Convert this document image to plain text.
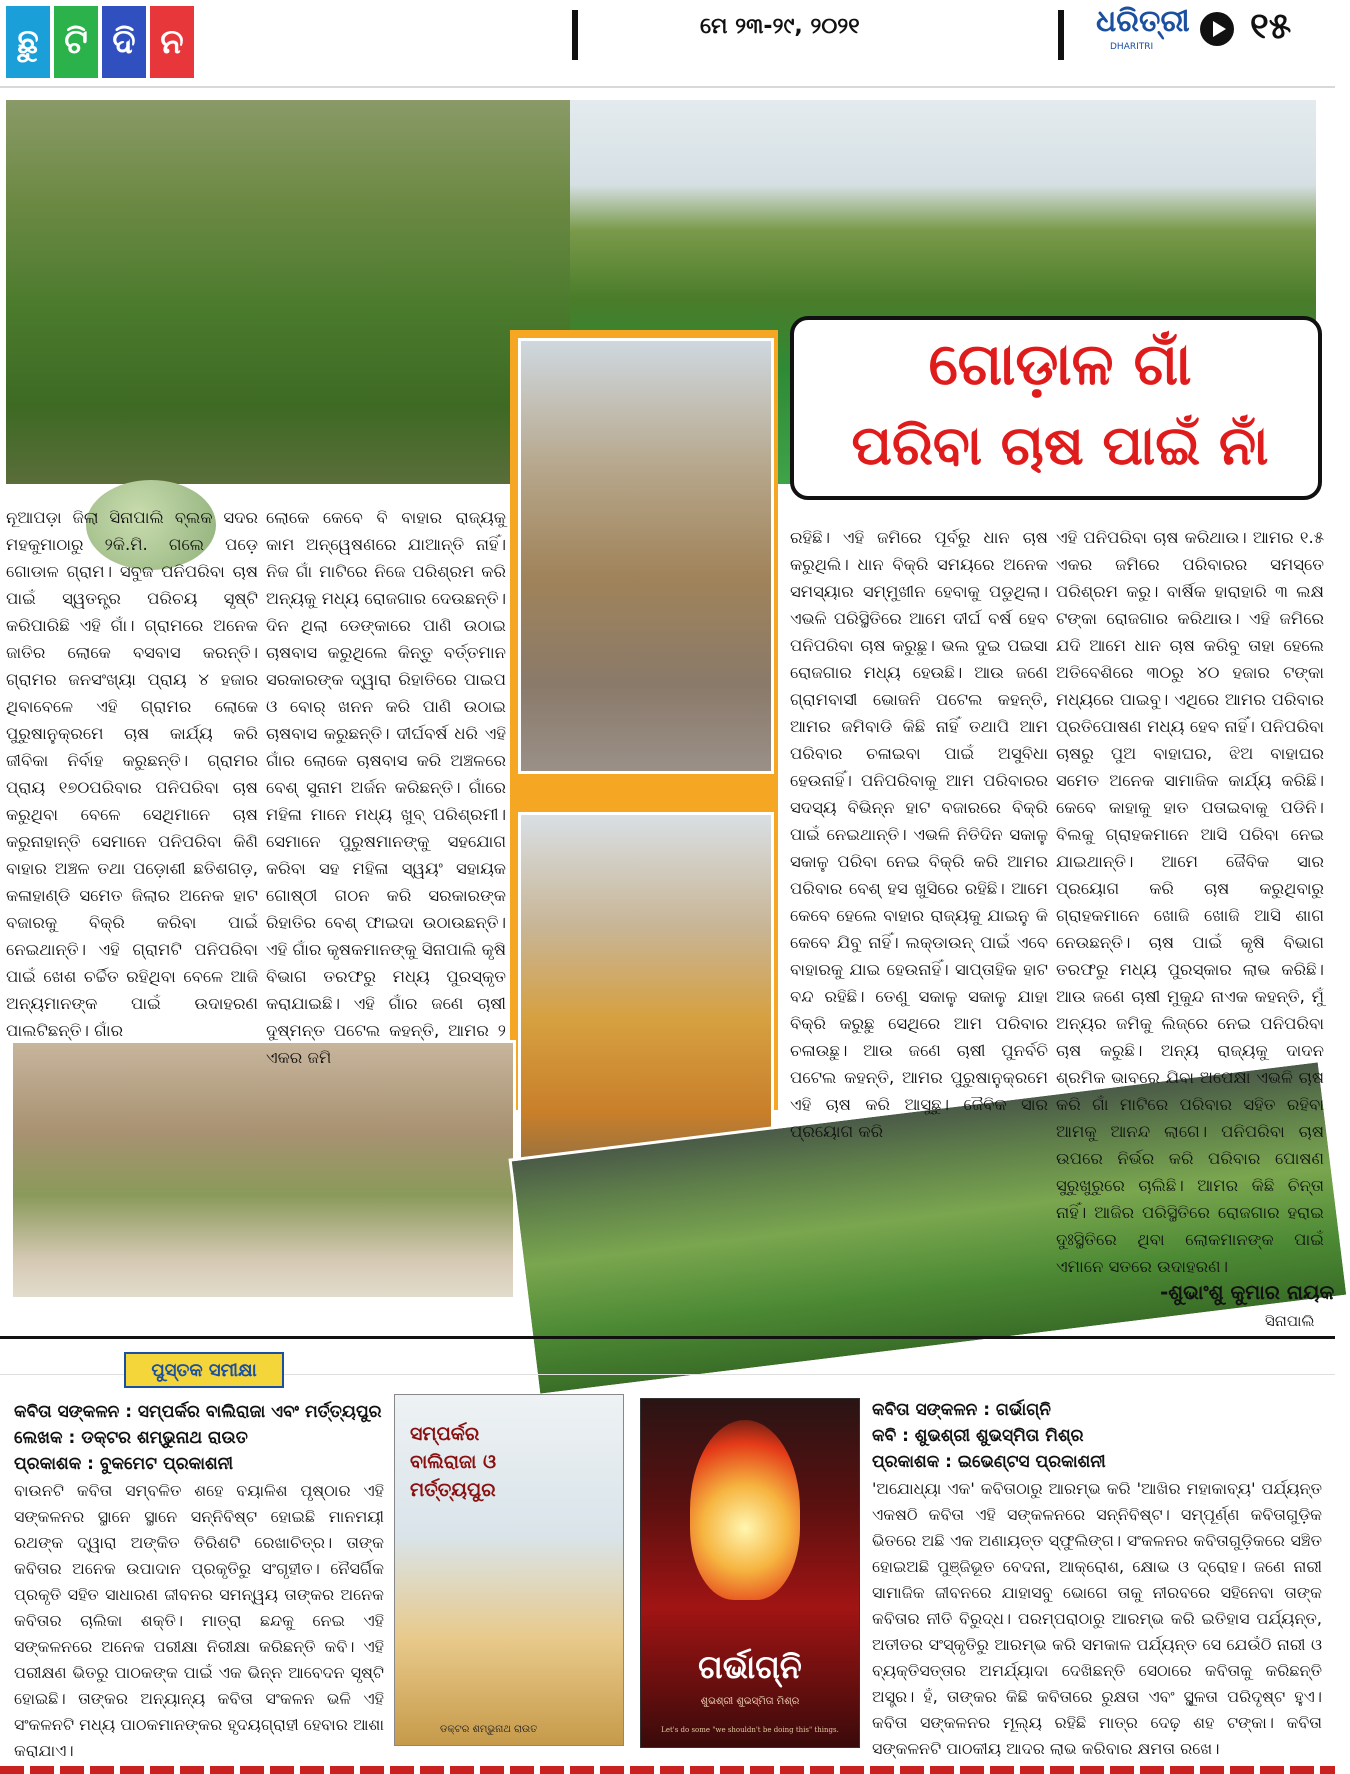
ଛୁ ଟି ଦି ନ	ମେ ୨୩-୨୯, ୨୦୨୧	ଧରିତ୍ରୀ
DHARITRI	୧୫
ଗୋଡ଼ାଳ ଗାଁ
ପରିବା ଚାଷ ପାଇଁ ନାଁ

ନୂଆପଡ଼ା ଜିଲା ସିନାପାଲି ବ୍ଲକ ସଦର ମହକୁମାଠାରୁ ୨କି.ମି. ଗଲେ ପଡ଼େ ଗୋଡାଳ ଗ୍ରାମ। ସବୁଜ ପନିପରିବା ଚାଷ ପାଇଁ ସ୍ୱତନ୍ତ୍ର ପରିଚୟ ସୃଷ୍ଟି କରିପାରିଛି ଏହି ଗାଁ। ଗ୍ରାମରେ ଅନେକ ଜାତିର ଲୋକେ ବସବାସ କରନ୍ତି। ଗ୍ରାମର ଜନସଂଖ୍ୟା ପ୍ରାୟ ୪ ହଜାର ଥିବାବେଳେ ଏହି ଗ୍ରାମର ଲୋକେ ପୁରୁଷାନୁକ୍ରମେ ଚାଷ କାର୍ଯ୍ୟ କରି ଜୀବିକା ନିର୍ବାହ କରୁଛନ୍ତି। ଗ୍ରାମର ପ୍ରାୟ ୧୭୦ପରିବାର ପନିପରିବା ଚାଷ କରୁଥିବା ବେଳେ ସେଥିମାନେ ଚାଷ କରୁନାହାନ୍ତି ସେମାନେ ପନିପରିବା କିଣି ବାହାର ଅଞ୍ଚଳ ତଥା ପଡ଼ୋଶୀ ଛତିଶଗଡ଼, କଳାହାଣ୍ଡି ସମେତ ଜିଲାର ଅନେକ ହାଟ ବଜାରକୁ ବିକ୍ରି କରିବା ପାଇଁ ନେଇଥାନ୍ତି। ଏହି ଗ୍ରାମଟି ପନିପରିବା ପାଇଁ ଖେଶ ଚର୍ଚ୍ଚିତ ରହିଥିବା ବେଳେ ଆଜି ଅନ୍ୟମାନଙ୍କ ପାଇଁ ଉଦାହରଣ ପାଲଟିଛନ୍ତି। ଗାଁର

ଲୋକେ କେବେ ବି ବାହାର ରାଜ୍ୟକୁ କାମ ଅନ୍ୱେଷଣରେ ଯାଆନ୍ତି ନାହିଁ। ନିଜ ଗାଁ ମାଟିରେ ନିଜେ ପରିଶ୍ରମ କରି ଅନ୍ୟକୁ ମଧ୍ୟ ରୋଜଗାର ଦେଉଛନ୍ତି। ଦିନ ଥିଲା ଡେଙ୍କାରେ ପାଣି ଉଠାଇ ଚାଷବାସ କରୁଥିଲେ କିନ୍ତୁ ବର୍ତ୍ତମାନ ସରକାରଙ୍କ ଦ୍ୱାରା ରିହାତିରେ ପାଇପ ଓ ବୋର୍ ଖନନ କରି ପାଣି ଉଠାଇ ଚାଷବାସ କରୁଛନ୍ତି। ଦୀର୍ଘବର୍ଷ ଧରି ଏହି ଗାଁର ଲୋକେ ଚାଷବାସ କରି ଅଞ୍ଚଳରେ ବେଶ୍ ସୁନାମ ଅର୍ଜନ କରିଛନ୍ତି। ଗାଁରେ ମହିଳା ମାନେ ମଧ୍ୟ ଖୁବ୍ ପରିଶ୍ରମୀ। ସେମାନେ ପୁରୁଷମାନଙ୍କୁ ସହଯୋଗ କରିବା ସହ ମହିଳା ସ୍ୱୟଂ ସହାୟକ ଗୋଷ୍ଠୀ ଗଠନ କରି ସରକାରଙ୍କ ରିହାତିର ବେଶ୍ ଫାଇଦା ଉଠାଉଛନ୍ତି। ଏହି ଗାଁର କୃଷକମାନଙ୍କୁ ସିନାପାଲି କୃଷି ବିଭାଗ ତରଫରୁ ମଧ୍ୟ ପୁରସ୍କୃତ କରାଯାଇଛି। ଏହି ଗାଁର ଜଣେ ଚାଷୀ ଦୁଷ୍ମନ୍ତ ପଟେଲ କହନ୍ତି, ଆମର ୨ ଏକର ଜମି

ରହିଛି। ଏହି ଜମିରେ ପୂର୍ବରୁ ଧାନ ଚାଷ କରୁଥିଲି। ଧାନ ବିକ୍ରି ସମୟରେ ଅନେକ ସମସ୍ୟାର ସମ୍ମୁଖୀନ ହେବାକୁ ପଡୁଥିଲା। ଏଭଳି ପରିସ୍ଥିତିରେ ଆମେ ଦୀର୍ଘ ବର୍ଷ ହେବ ପନିପରିବା ଚାଷ କରୁଛୁ। ଭଲ ଦୁଇ ପଇସା ରୋଜଗାର ମଧ୍ୟ ହେଉଛି। ଆଉ ଜଣେ ଗ୍ରାମବାସୀ ଭୋଜନି ପଟେଲ କହନ୍ତି, ଆମର ଜମିବାଡି କିଛି ନାହିଁ ତଥାପି ଆମ ପରିବାର ଚଳାଇବା ପାଇଁ ଅସୁବିଧା ହେଉନାହିଁ। ପନିପରିବାକୁ ଆମ ପରିବାରର ସଦସ୍ୟ ବିଭିନ୍ନ ହାଟ ବଜାରରେ ବିକ୍ରି ପାଇଁ ନେଇଥାନ୍ତି। ଏଭଳି ନିତିଦିନ ସକାଳୁ ସକାଳୁ ପରିବା ନେଇ ବିକ୍ରି କରି ଆମର ପରିବାର ବେଶ୍ ହସ ଖୁସିରେ ରହିଛି। ଆମେ କେବେ ହେଲେ ବାହାର ରାଜ୍ୟକୁ ଯାଇନୁ କି କେବେ ଯିବୁ ନାହିଁ। ଲକ୍‌ଡାଉନ୍ ପାଇଁ ଏବେ ବାହାରକୁ ଯାଇ ହେଉନାହିଁ। ସାପ୍ତାହିକ ହାଟ ବନ୍ଦ ରହିଛି। ତେଣୁ ସକାଳୁ ସକାଳୁ ଯାହା ବିକ୍ରି କରୁଛୁ ସେଥିରେ ଆମ ପରିବାର ଚଳାଉଛୁ। ଆଉ ଜଣେ ଚାଷୀ ପୁନର୍ବଚି ପଟେଲ କହନ୍ତି, ଆମର ପୁରୁଷାନୁକ୍ରମେ ଏହି ଚାଷ କରି ଆସୁଛୁ। ଜୈବିକ ସାର ପ୍ରୟୋଗ କରି

ଏହି ପନିପରିବା ଚାଷ କରିଥାଉ। ଆମର ୧.୫ ଏକର ଜମିରେ ପରିବାରର ସମସ୍ତେ ପରିଶ୍ରମ କରୁ। ବାର୍ଷିକ ହାରାହାରି ୩ ଲକ୍ଷ ଟଙ୍କା ରୋଜଗାର କରିଥାଉ। ଏହି ଜମିରେ ଯଦି ଆମେ ଧାନ ଚାଷ କରିବୁ ତାହା ହେଲେ ଅତିବେଶିରେ ୩୦ରୁ ୪୦ ହଜାର ଟଙ୍କା ମଧ୍ୟରେ ପାଇବୁ। ଏଥିରେ ଆମର ପରିବାର ପ୍ରତିପୋଷଣ ମଧ୍ୟ ହେବ ନାହିଁ। ପନିପରିବା ଚାଷରୁ ପୁଅ ବାହାଘର, ଝିଅ ବାହାଘର ସମେତ ଅନେକ ସାମାଜିକ କାର୍ଯ୍ୟ କରିଛି। କେବେ କାହାକୁ ହାତ ପତାଇବାକୁ ପଡିନି। ବିଲକୁ ଗ୍ରାହକମାନେ ଆସି ପରିବା ନେଇ ଯାଇଥାନ୍ତି। ଆମେ ଜୈବିକ ସାର ପ୍ରୟୋଗ କରି ଚାଷ କରୁଥିବାରୁ ଗ୍ରାହକମାନେ ଖୋଜି ଖୋଜି ଆସି ଶାଗ ନେଉଛନ୍ତି। ଚାଷ ପାଇଁ କୃଷି ବିଭାଗ ତରଫରୁ ମଧ୍ୟ ପୁରସ୍କାର ଲାଭ କରିଛି। ଆଉ ଜଣେ ଚାଷୀ ମୁକୁନ୍ଦ ନାଏକ କହନ୍ତି, ମୁଁ ଅନ୍ୟର ଜମିକୁ ଲିଜ୍‌ରେ ନେଇ ପନିପରିବା ଚାଷ କରୁଛି। ଅନ୍ୟ ରାଜ୍ୟକୁ ଦାଦନ ଶ୍ରମିକ ଭାବରେ ଯିବା ଅପେକ୍ଷା ଏଭଳି ଚାଷ କରି ଗାଁ ମାଟିରେ ପରିବାର ସହିତ ରହିବା ଆମକୁ ଆନନ୍ଦ ଲାଗେ। ପନିପରିବା ଚାଷ ଉପରେ ନିର୍ଭର କରି ପରିବାର ପୋଷଣ ସୁରୁଖୁରୁରେ ଚାଲିଛି। ଆମର କିଛି ଚିନ୍ତା ନାହିଁ। ଆଜିର ପରିସ୍ଥିତିରେ ରୋଜଗାର ହରାଇ ଦୁଃସ୍ଥିତିରେ ଥିବା ଲୋକମାନଙ୍କ ପାଇଁ ଏମାନେ ସତରେ ଉଦାହରଣ।

-ଶୁଭାଂଶୁ କୁମାର ନାୟକ
ସିନାପାଲି
ପୁସ୍ତକ ସମୀକ୍ଷା
କବିତା ସଙ୍କଳନ : ସମ୍ପର୍କର ବାଲିରାଜା ଏବଂ ମର୍ତ୍ତ୍ୟପୁର
ଲେଖକ : ଡକ୍ଟର ଶମ୍ଭୁନାଥ ରାଉତ
ପ୍ରକାଶକ : ବୁକମେଟ ପ୍ରକାଶନୀ
ବାଉନଟି କବିତା ସମ୍ବଳିତ ଶହେ ବୟାଳିଶ ପୃଷ୍ଠାର ଏହି ସଙ୍କଳନର ସ୍ଥାନେ ସ୍ଥାନେ ସନ୍ନିବିଷ୍ଟ ହୋଇଛି ମାନମୟୀ ରଥଙ୍କ ଦ୍ୱାରା ଅଙ୍କିତ ତିରିଶଟି ରେଖାଚିତ୍ର। ତାଙ୍କ କବିତାର ଅନେକ ଉପାଦାନ ପ୍ରକୃତିରୁ ସଂଗୃହୀତ। ନୈସର୍ଗିକ ପ୍ରକୃତି ସହିତ ସାଧାରଣ ଜୀବନର ସମନ୍ୱୟ ତାଙ୍କର ଅନେକ କବିତାର ଚାଲିକା ଶକ୍ତି। ମାତ୍ରା ଛନ୍ଦକୁ ନେଇ ଏହି ସଙ୍କଳନରେ ଅନେକ ପରୀକ୍ଷା ନିରୀକ୍ଷା କରିଛନ୍ତି କବି। ଏହି ପରୀକ୍ଷଣ ଭିତରୁ ପାଠକଙ୍କ ପାଇଁ ଏକ ଭିନ୍ନ ଆବେଦନ ସୃଷ୍ଟି ହୋଇଛି। ତାଙ୍କର ଅନ୍ୟାନ୍ୟ କବିତା ସଂକଳନ ଭଳି ଏହି ସଂକଳନଟି ମଧ୍ୟ ପାଠକମାନଙ୍କର ହୃଦୟଗ୍ରାହୀ ହେବାର ଆଶା କରାଯାଏ।
ସମ୍ପର୍କର ବାଲିରାଜା ଓ ମର୍ତ୍ତ୍ୟପୁର
ଡକ୍ଟର ଶମ୍ଭୁନାଥ ରାଉତ
ଗର୍ଭାଗ୍ନି
ଶୁଭଶ୍ରୀ ଶୁଭସ୍ମିତା ମିଶ୍ର
Let's do some "we shouldn't be doing this" things.
କବିତା ସଙ୍କଳନ : ଗର୍ଭାଗ୍ନି
କବି : ଶୁଭଶ୍ରୀ ଶୁଭସ୍ମିତା ମିଶ୍ର
ପ୍ରକାଶକ : ଇଭେଣ୍ଟସ ପ୍ରକାଶନୀ
'ଅଯୋଧ୍ୟା ଏକ' କବିତାଠାରୁ ଆରମ୍ଭ କରି 'ଆଖିର ମହାକାବ୍ୟ' ପର୍ଯ୍ୟନ୍ତ ଏକଷଠି କବିତା ଏହି ସଙ୍କଳନରେ ସନ୍ନିବିଷ୍ଟ। ସମ୍ପୂର୍ଣ୍ଣ କବିତାଗୁଡ଼ିକ ଭିତରେ ଅଛି ଏକ ଅଣାୟତ୍ତ ସ୍ଫୁଲିଙ୍ଗ। ସଂକଳନର କବିତାଗୁଡ଼ିକରେ ସଞ୍ଚିତ ହୋଇଅଛି ପୁଞ୍ଜିଭୂତ ବେଦନା, ଆକ୍ରୋଶ, କ୍ଷୋଭ ଓ ଦ୍ରୋହ। ଜଣେ ନାରୀ ସାମାଜିକ ଜୀବନରେ ଯାହାସବୁ ଭୋଗେ ତାକୁ ନୀରବରେ ସହିନେବା ତାଙ୍କ କବିତାର ନୀତି ବିରୁଦ୍ଧ। ପରମ୍ପରାଠାରୁ ଆରମ୍ଭ କରି ଇତିହାସ ପର୍ଯ୍ୟନ୍ତ, ଅତୀତର ସଂସ୍କୃତିରୁ ଆରମ୍ଭ କରି ସମକାଳ ପର୍ଯ୍ୟନ୍ତ ସେ ଯେଉଁଠି ନାରୀ ଓ ବ୍ୟକ୍ତିସତ୍ତାର ଅମର୍ଯ୍ୟାଦା ଦେଖିଛନ୍ତି ସେଠାରେ କବିତାକୁ କରିଛନ୍ତି ଅସ୍ତ୍ର। ହଁ, ତାଙ୍କର କିଛି କବିତାରେ ରୁକ୍ଷତା ଏବଂ ସ୍ଥୂଳତା ପରିଦୃଷ୍ଟ ହୁଏ। କବିତା ସଙ୍କଳନର ମୂଲ୍ୟ ରହିଛି ମାତ୍ର ଦେଢ଼ ଶହ ଟଙ୍କା। କବିତା ସଙ୍କଳନଟି ପାଠକୀୟ ଆଦର ଲାଭ କରିବାର କ୍ଷମତା ରଖେ।
